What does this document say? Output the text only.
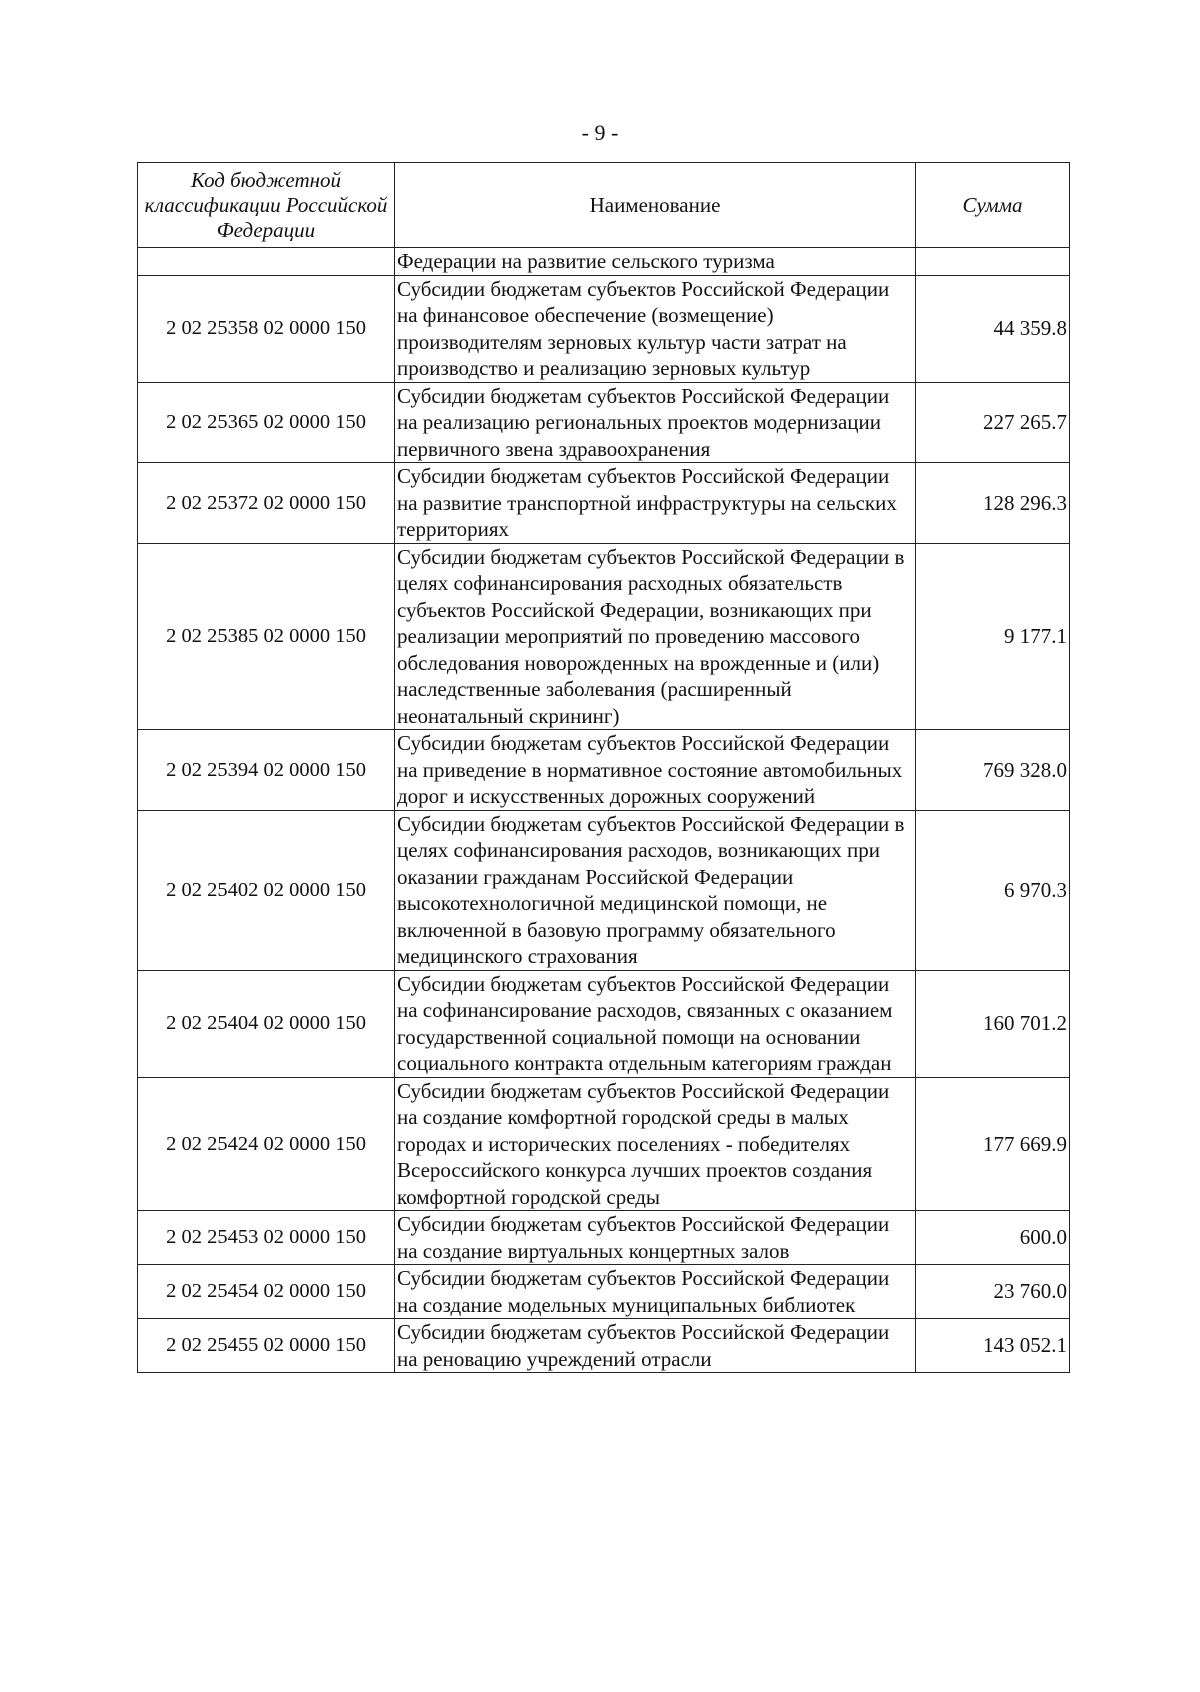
- 9 -
Код бюджетной классификации Российской Федерации	Наименование	Сумма
	Федерации на развитие сельского туризма	
2 02 25358 02 0000 150	Субсидии бюджетам субъектов Российской Федерации на финансовое обеспечение (возмещение) производителям зерновых культур части затрат на производство и реализацию зерновых культур	44 359.8
2 02 25365 02 0000 150	Субсидии бюджетам субъектов Российской Федерации на реализацию региональных проектов модернизации первичного звена здравоохранения	227 265.7
2 02 25372 02 0000 150	Субсидии бюджетам субъектов Российской Федерации на развитие транспортной инфраструктуры на сельских территориях	128 296.3
2 02 25385 02 0000 150	Субсидии бюджетам субъектов Российской Федерации в целях софинансирования расходных обязательств субъектов Российской Федерации, возникающих при реализации мероприятий по проведению массового обследования новорожденных на врожденные и (или) наследственные заболевания (расширенный неонатальный скрининг)	9 177.1
2 02 25394 02 0000 150	Субсидии бюджетам субъектов Российской Федерации на приведение в нормативное состояние автомобильных дорог и искусственных дорожных сооружений	769 328.0
2 02 25402 02 0000 150	Субсидии бюджетам субъектов Российской Федерации в целях софинансирования расходов, возникающих при оказании гражданам Российской Федерации высокотехнологичной медицинской помощи, не включенной в базовую программу обязательного медицинского страхования	6 970.3
2 02 25404 02 0000 150	Субсидии бюджетам субъектов Российской Федерации на софинансирование расходов, связанных с оказанием государственной социальной помощи на основании социального контракта отдельным категориям граждан	160 701.2
2 02 25424 02 0000 150	Субсидии бюджетам субъектов Российской Федерации на создание комфортной городской среды в малых городах и исторических поселениях - победителях Всероссийского конкурса лучших проектов создания комфортной городской среды	177 669.9
2 02 25453 02 0000 150	Субсидии бюджетам субъектов Российской Федерации на создание виртуальных концертных залов	600.0
2 02 25454 02 0000 150	Субсидии бюджетам субъектов Российской Федерации на создание модельных муниципальных библиотек	23 760.0
2 02 25455 02 0000 150	Субсидии бюджетам субъектов Российской Федерации на реновацию учреждений отрасли	143 052.1
